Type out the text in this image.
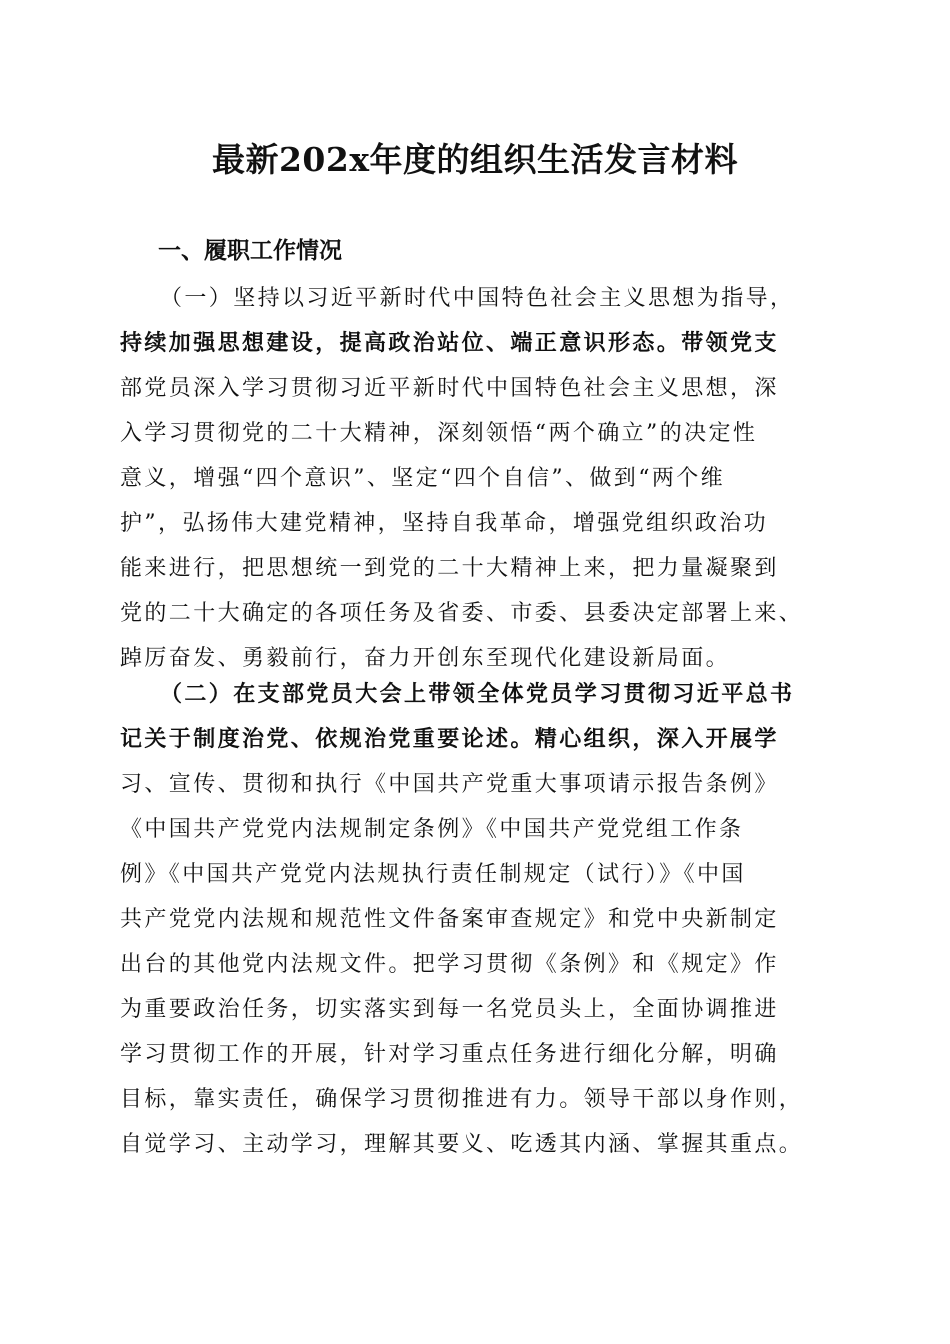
最新202x年度的组织生活发言材料
一、履职工作情况
（一）坚持以习近平新时代中国特色社会主义思想为指导，
持续加强思想建设，提高政治站位、端正意识形态。带领党支
部党员深入学习贯彻习近平新时代中国特色社会主义思想，深
入学习贯彻党的二十大精神，深刻领悟“两个确立”的决定性
意义，增强“四个意识”、坚定“四个自信”、做到“两个维
护”，弘扬伟大建党精神，坚持自我革命，增强党组织政治功
能来进行，把思想统一到党的二十大精神上来，把力量凝聚到
党的二十大确定的各项任务及省委、市委、县委决定部署上来、
踔厉奋发、勇毅前行，奋力开创东至现代化建设新局面。
（二）在支部党员大会上带领全体党员学习贯彻习近平总书
记关于制度治党、依规治党重要论述。精心组织，深入开展学
习、宣传、贯彻和执行《中国共产党重大事项请示报告条例》
《中国共产党党内法规制定条例》《中国共产党党组工作条
例》《中国共产党党内法规执行责任制规定（试行）》《中国
共产党党内法规和规范性文件备案审查规定》和党中央新制定
出台的其他党内法规文件。把学习贯彻《条例》和《规定》作
为重要政治任务，切实落实到每一名党员头上，全面协调推进
学习贯彻工作的开展，针对学习重点任务进行细化分解，明确
目标，靠实责任，确保学习贯彻推进有力。领导干部以身作则，
自觉学习、主动学习，理解其要义、吃透其内涵、掌握其重点。
